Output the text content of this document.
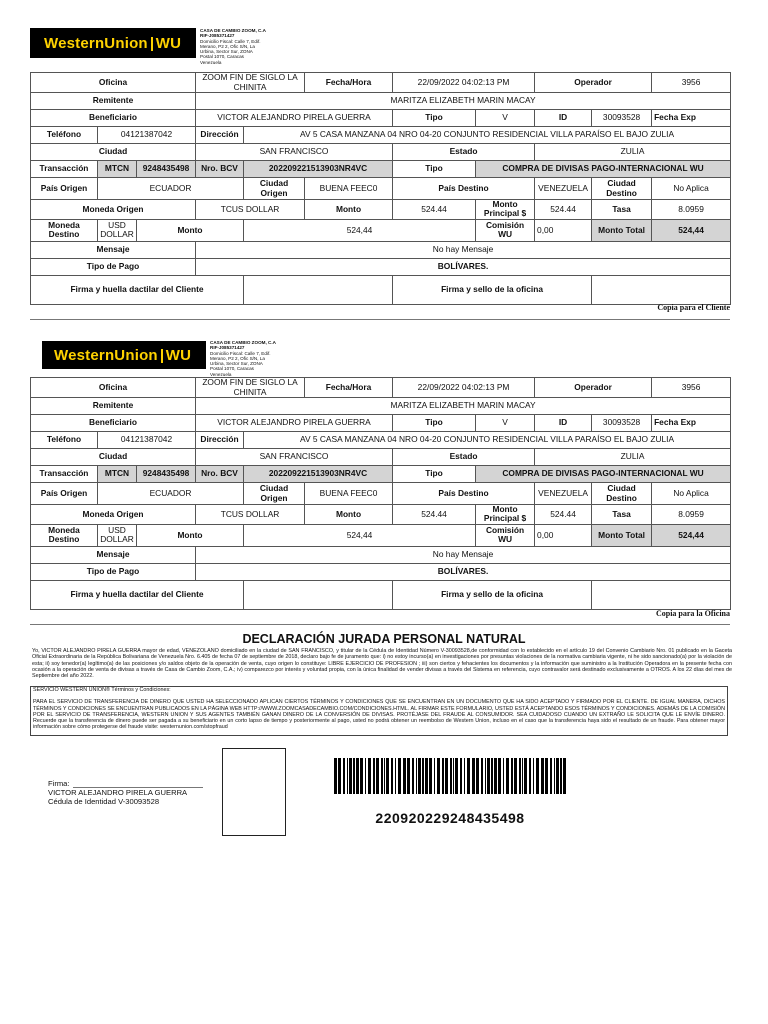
WesternUnion WU
CASA DE CAMBIO ZOOM, C.A
RIF-J085371427
Domicilio Fiscal: Calle 7, Edif.
Merano, P2 2, Ofic S/N, La
Urbina, Sector Sur, ZONA
Postal 1070, Caracas
Venezuela
Oficina			ZOOM FIN DE SIGLO LA CHINITA		Fecha/Hora	22/09/2022 04:02:13 PM		Operador		3956
Remitente			MARITZA ELIZABETH MARIN MACAY							
Beneficiario			VICTOR ALEJANDRO PIRELA GUERRA			Tipo	V	ID	30093528	Fecha Exp
Teléfono	04121387042		Dirección	AV 5 CASA MANZANA 04 NRO 04-20 CONJUNTO RESIDENCIAL VILLA PARAÍSO EL BAJO ZULIA						
Ciudad			SAN FRANCISCO			Estado		ZULIA		
Transacción	MTCN	9248435498	Nro. BCV	202209221513903NR4VC		Tipo	COMPRA DE DIVISAS PAGO-INTERNACIONAL WU			
País Origen	ECUADOR			Ciudad Origen	BUENA FEEC0	País Destino		VENEZUELA	Ciudad Destino	No Aplica
Moneda Origen			TCUS DOLLAR		Monto	524.44	Monto Principal $	524.44	Tasa	8.0959
Moneda Destino	USD DOLLAR	Monto		524,44			Comisión WU	0,00	Monto Total	524,44
Mensaje			No hay Mensaje							
Tipo de Pago			BOLÍVARES.							
Firma y huella dactilar del Cliente						Firma y sello de la oficina				
Copia para el Cliente
WesternUnion WU
CASA DE CAMBIO ZOOM, C.A
RIF-J085371427
Domicilio Fiscal: Calle 7, Edif.
Merano, P2 2, Ofic S/N, La
Urbina, Sector Sur, ZONA
Postal 1070, Caracas
Venezuela
Oficina			ZOOM FIN DE SIGLO LA CHINITA		Fecha/Hora	22/09/2022 04:02:13 PM		Operador		3956
Remitente			MARITZA ELIZABETH MARIN MACAY							
Beneficiario			VICTOR ALEJANDRO PIRELA GUERRA			Tipo	V	ID	30093528	Fecha Exp
Teléfono	04121387042		Dirección	AV 5 CASA MANZANA 04 NRO 04-20 CONJUNTO RESIDENCIAL VILLA PARAÍSO EL BAJO ZULIA						
Ciudad			SAN FRANCISCO			Estado		ZULIA		
Transacción	MTCN	9248435498	Nro. BCV	202209221513903NR4VC		Tipo	COMPRA DE DIVISAS PAGO-INTERNACIONAL WU			
País Origen	ECUADOR			Ciudad Origen	BUENA FEEC0	País Destino		VENEZUELA	Ciudad Destino	No Aplica
Moneda Origen			TCUS DOLLAR		Monto	524.44	Monto Principal $	524.44	Tasa	8.0959
Moneda Destino	USD DOLLAR	Monto		524,44			Comisión WU	0,00	Monto Total	524,44
Mensaje			No hay Mensaje							
Tipo de Pago			BOLÍVARES.							
Firma y huella dactilar del Cliente						Firma y sello de la oficina				
Copia para la Oficina
DECLARACIÓN JURADA PERSONAL NATURAL
Yo, VICTOR ALEJANDRO PIRELA GUERRA mayor de edad, VENEZOLANO domiciliado en la ciudad de SAN FRANCISCO, y titular de la Cédula de Identidad Número V-30093528,de conformidad con lo establecido en el artículo 19 del Convenio Cambiario Nro. 01 publicado en la Gaceta Oficial Extraordinaria de la República Bolivariana de Venezuela Nro. 6.405 de fecha 07 de septiembre de 2018, declaro bajo fe de juramento que: i) no estoy incurso(a) en investigaciones por presuntas violaciones de la normativa cambiaria vigente, ni he sido sancionado(a) por la violación de esta; ii) soy tenedor(a) legítimo(a) de las posiciones y/o saldos objeto de la operación de venta, cuyo origen lo constituye: LIBRE EJERCICIO DE PROFESION ; iii) son ciertos y fehacientes los documentos y la información que suministro a la Institución Operadora en la presente fecha con ocasión a la operación de venta de divisas a través de Casa de Cambio Zoom, C.A.; iv) comparezco por interés y voluntad propia, con la única finalidad de vender divisas a través del Sistema en referencia, cuyo contravalor será destinado exclusivamente a OTROS. A los 22 días del mes de Septiembre del año 2022.
SERVICIO WESTERN UNION® Términos y Condiciones:
PARA EL SERVICIO DE TRANSFERENCIA DE DINERO QUE USTED HA SELECCIONADO APLICAN CIERTOS TÉRMINOS Y CONDICIONES QUE SE ENCUENTRAN EN UN DOCUMENTO QUE HA SIDO ACEPTADO Y FIRMADO POR EL CLIENTE. DE IGUAL MANERA, DICHOS TÉRMINOS Y CONDICIONES SE ENCUENTRAN PUBLICADOS EN LA PÁGINA WEB HTTP://WWW.ZOOMCASADECAMBIO.COM/CONDICIONES.HTML. AL FIRMAR ESTE FORMULARIO, USTED ESTÁ ACEPTANDO ESOS TÉRMINOS Y CONDICIONES. ADEMÁS DE LA COMISIÓN POR EL SERVICIO DE TRANSFERENCIA, WESTERN UNION Y SUS AGENTES TAMBIÉN GANAN DINERO DE LA CONVERSIÓN DE DIVISAS. PROTÉJASE DEL FRAUDE AL CONSUMIDOR. SEA CUIDADOSO CUANDO UN EXTRAÑO LE SOLICITA QUE LE ENVÍE DINERO. Recuerde que la transferencia de dinero puede ser pagada a su beneficiario en un corto lapso de tiempo y posteriormente al pago, usted no podrá obtener un reembolso de Western Union, incluso en el caso que la transferencia haya sido el resultado de un fraude. Para obtener mayor información sobre cómo protegerse del fraude visite: westernunion.com/stopfraud
Firma:
VICTOR ALEJANDRO PIRELA GUERRA
Cédula de Identidad V-30093528
220920229248435498
